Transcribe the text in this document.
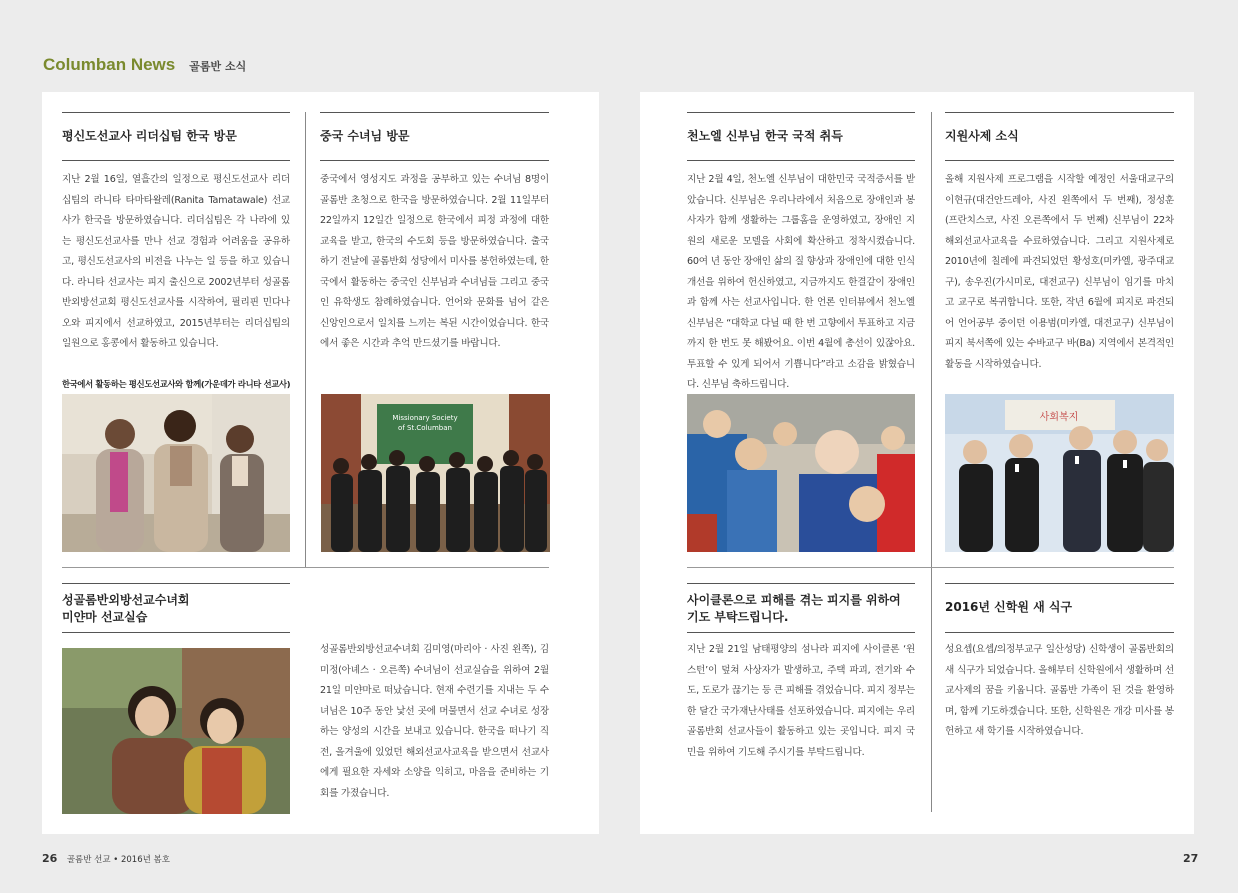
Columban News 골롬반 소식
평신도선교사 리더십팀 한국 방문
지난 2월 16일, 열흘간의 일정으로 평신도선교사 리더십팀의 라니타 타마타왈레(Ranita Tamatawale) 선교사가 한국을 방문하였습니다. 리더십팀은 각 나라에 있는 평신도선교사를 만나 선교 경험과 어려움을 공유하고, 평신도선교사의 비전을 나누는 일 등을 하고 있습니다. 라니타 선교사는 피지 출신으로 2002년부터 성골롬반외방선교회 평신도선교사를 시작하여, 필리핀 민다나오와 피지에서 선교하였고, 2015년부터는 리더십팀의 일원으로 홍콩에서 활동하고 있습니다.
한국에서 활동하는 평신도선교사와 함께(가운데가 라니타 선교사)
중국 수녀님 방문
중국에서 영성지도 과정을 공부하고 있는 수녀님 8명이 골롬반 초청으로 한국을 방문하였습니다. 2월 11일부터 22일까지 12일간 일정으로 한국에서 피정 과정에 대한 교육을 받고, 한국의 수도회 등을 방문하였습니다. 출국하기 전날에 골롬반회 성당에서 미사를 봉헌하였는데, 한국에서 활동하는 중국인 신부님과 수녀님들 그리고 중국인 유학생도 참례하였습니다. 언어와 문화를 넘어 같은 신앙인으로서 일치를 느끼는 복된 시간이었습니다. 한국에서 좋은 시간과 추억 만드셨기를 바랍니다.
Missionary Society
of St.Columban
성골롬반외방선교수녀회
미얀마 선교실습
성골롬반외방선교수녀회 김미영(마리아 · 사진 왼쪽), 김미정(아녜스 · 오른쪽) 수녀님이 선교실습을 위하여 2월 21일 미얀마로 떠났습니다. 현재 수련기를 지내는 두 수녀님은 10주 동안 낯선 곳에 머물면서 선교 수녀로 성장하는 양성의 시간을 보내고 있습니다. 한국을 떠나기 직전, 올겨울에 있었던 해외선교사교육을 받으면서 선교사에게 필요한 자세와 소양을 익히고, 마음을 준비하는 기회를 가졌습니다.
26 골롬반 선교 • 2016년 봄호
천노엘 신부님 한국 국적 취득
지난 2월 4일, 천노엘 신부님이 대한민국 국적증서를 받았습니다. 신부님은 우리나라에서 처음으로 장애인과 봉사자가 함께 생활하는 그룹홈을 운영하였고, 장애인 지원의 새로운 모델을 사회에 확산하고 정착시켰습니다. 60여 년 동안 장애인 삶의 질 향상과 장애인에 대한 인식 개선을 위하여 헌신하였고, 지금까지도 한결같이 장애인과 함께 사는 선교사입니다. 한 언론 인터뷰에서 천노엘 신부님은 “대학교 다닐 때 한 번 고향에서 투표하고 지금까지 한 번도 못 해봤어요. 이번 4월에 총선이 있잖아요. 투표할 수 있게 되어서 기쁩니다”라고 소감을 밝혔습니다. 신부님 축하드립니다.
지원사제 소식
올해 지원사제 프로그램을 시작할 예정인 서울대교구의 이현규(대건안드레아, 사진 왼쪽에서 두 번째), 정성훈(프란치스코, 사진 오른쪽에서 두 번째) 신부님이 22차 해외선교사교육을 수료하였습니다. 그리고 지원사제로 2010년에 칠레에 파견되었던 황성호(미카엘, 광주대교구), 송우진(가시미로, 대전교구) 신부님이 임기를 마치고 교구로 복귀합니다. 또한, 작년 6월에 피지로 파견되어 언어공부 중이던 이용범(미카엘, 대전교구) 신부님이 피지 북서쪽에 있는 수바교구 바(Ba) 지역에서 본격적인 활동을 시작하였습니다.
사회복지
사이클론으로 피해를 겪는 피지를 위하여
기도 부탁드립니다.
지난 2월 21일 남태평양의 섬나라 피지에 사이클론 ‘윈스턴’이 덮쳐 사상자가 발생하고, 주택 파괴, 전기와 수도, 도로가 끊기는 등 큰 피해를 겪었습니다. 피지 정부는 한 달간 국가재난사태를 선포하였습니다. 피지에는 우리 골롬반회 선교사들이 활동하고 있는 곳입니다. 피지 국민을 위하여 기도해 주시기를 부탁드립니다.
2016년 신학원 새 식구
성요셉(요셉/의정부교구 일산성당) 신학생이 골롬반회의 새 식구가 되었습니다. 올해부터 신학원에서 생활하며 선교사제의 꿈을 키웁니다. 골롬반 가족이 된 것을 환영하며, 함께 기도하겠습니다. 또한, 신학원은 개강 미사를 봉헌하고 새 학기를 시작하였습니다.
27
